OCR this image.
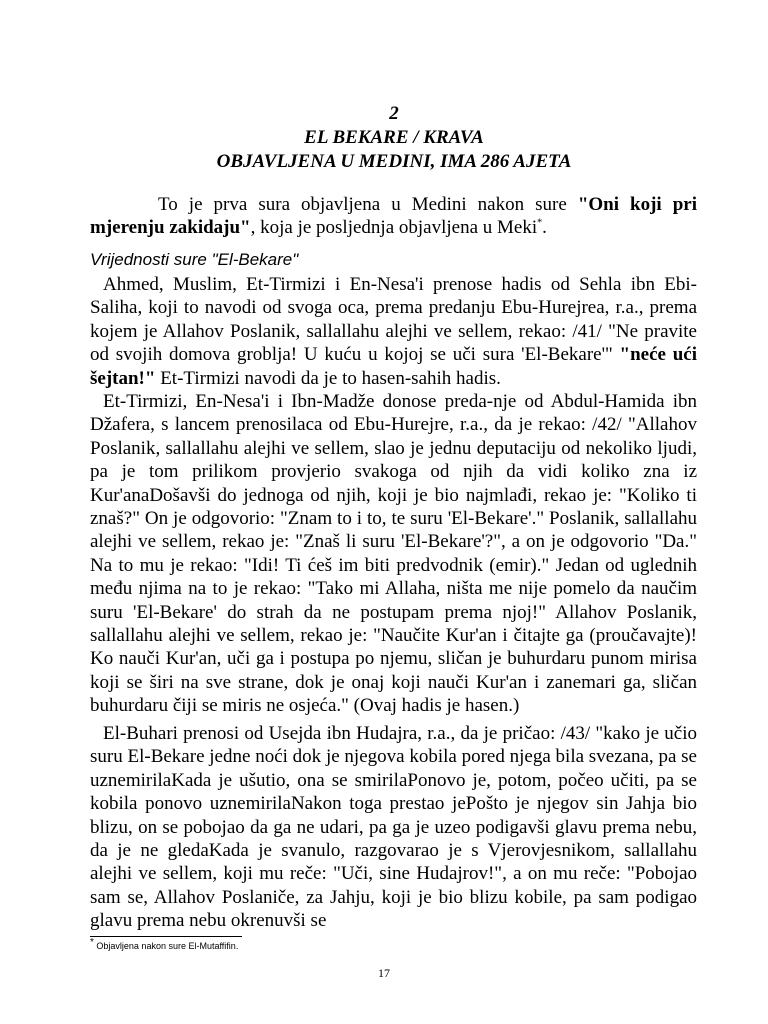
2
EL BEKARE / KRAVA
OBJAVLJENA U MEDINI, IMA 286 AJETA
To je prva sura objavljena u Medini nakon sure "Oni koji pri mjerenju zakidaju", koja je posljednja objavljena u Meki*.
Vrijednosti sure "El-Bekare"
Ahmed, Muslim, Et-Tirmizi i En-Nesa'i prenose hadis od Sehla ibn Ebi-Saliha, koji to navodi od svoga oca, prema predanju Ebu-Hurejrea, r.a., prema kojem je Allahov Poslanik, sallallahu alejhi ve sellem, rekao: /41/ "Ne pravite od svojih domova groblja! U kuću u kojoj se uči sura 'El-Bekare'" "neće ući šejtan!" Et-Tirmizi navodi da je to hasen-sahih hadis.
Et-Tirmizi, En-Nesa'i i Ibn-Madže donose preda-nje od Abdul-Hamida ibn Džafera, s lancem prenosilaca od Ebu-Hurejre, r.a., da je rekao: /42/ "Allahov Poslanik, sallallahu alejhi ve sellem, slao je jednu deputaciju od nekoliko ljudi, pa je tom prilikom provjerio svakoga od njih da vidi koliko zna iz Kur'anaDošavši do jednoga od njih, koji je bio najmlađi, rekao je: "Koliko ti znaš?" On je odgovorio: "Znam to i to, te suru 'El-Bekare'." Poslanik, sallallahu alejhi ve sellem, rekao je: "Znaš li suru 'El-Bekare'?", a on je odgovorio "Da." Na to mu je rekao: "Idi! Ti ćeš im biti predvodnik (emir)." Jedan od uglednih među njima na to je rekao: "Tako mi Allaha, ništa me nije pomelo da naučim suru 'El-Bekare' do strah da ne postupam prema njoj!" Allahov Poslanik, sallallahu alejhi ve sellem, rekao je: "Naučite Kur'an i čitajte ga (proučavajte)! Ko nauči Kur'an, uči ga i postupa po njemu, sličan je buhurdaru punom mirisa koji se širi na sve strane, dok je onaj koji nauči Kur'an i zanemari ga, sličan buhurdaru čiji se miris ne osjeća." (Ovaj hadis je hasen.)
El-Buhari prenosi od Usejda ibn Hudajra, r.a., da je pričao: /43/ "kako je učio suru El-Bekare jedne noći dok je njegova kobila pored njega bila svezana, pa se uznemirilaKada je ušutio, ona se smirilaPonovo je, potom, počeo učiti, pa se kobila ponovo uznemirilaNakon toga prestao jePošto je njegov sin Jahja bio blizu, on se pobojao da ga ne udari, pa ga je uzeo podigavši glavu prema nebu, da je ne gledaKada je svanulo, razgovarao je s Vjerovjesnikom, sallallahu alejhi ve sellem, koji mu reče: "Uči, sine Hudajrov!", a on mu reče: "Pobojao sam se, Allahov Poslaniče, za Jahju, koji je bio blizu kobile, pa sam podigao glavu prema nebu okrenuvši se
* Objavljena nakon sure El-Mutaffifin.
17
